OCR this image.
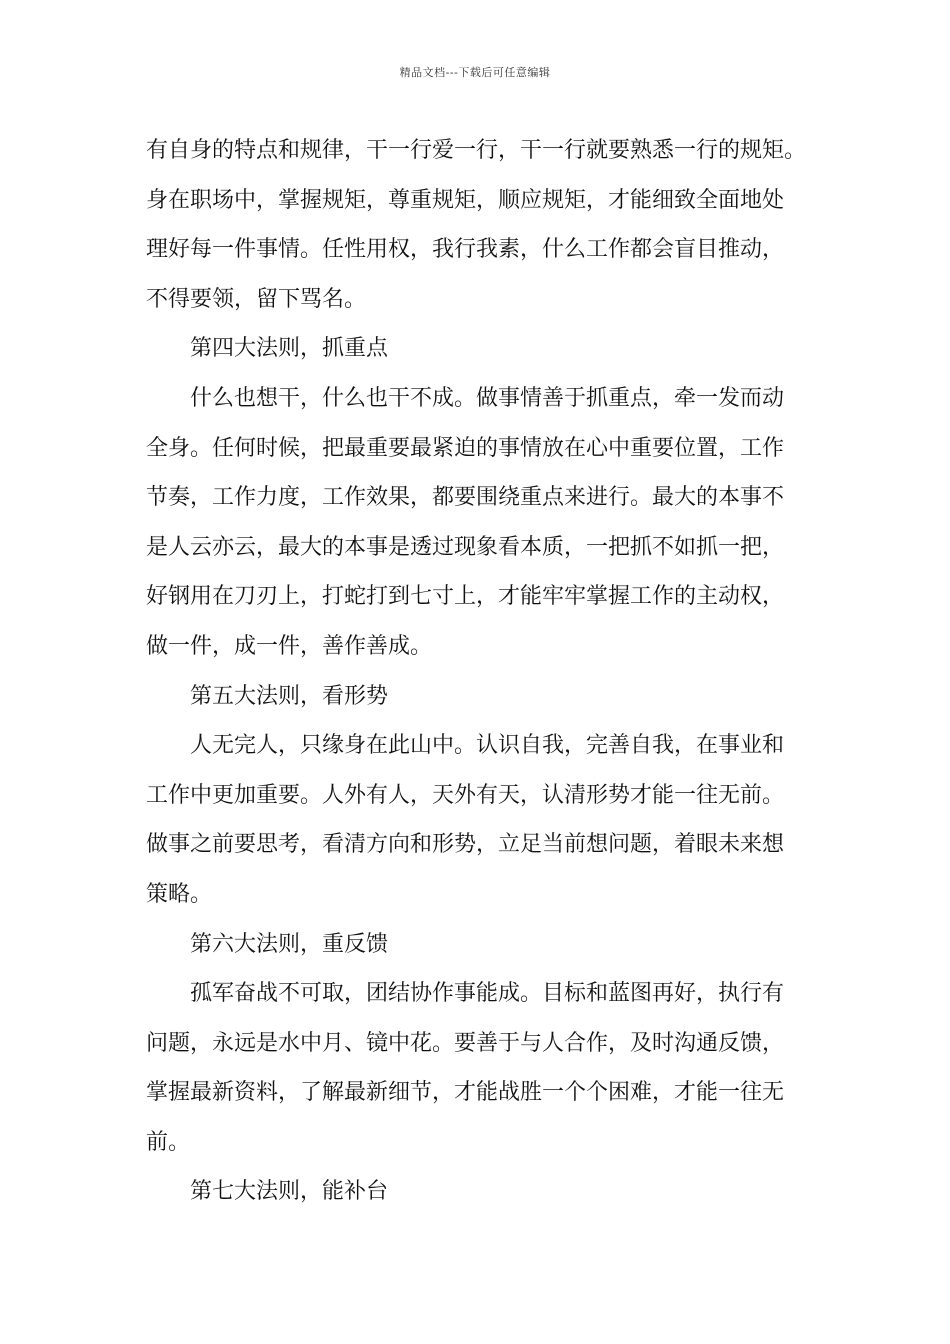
精品文档---下载后可任意编辑
有自身的特点和规律，干一行爱一行，干一行就要熟悉一行的规矩。
身在职场中，掌握规矩，尊重规矩，顺应规矩，才能细致全面地处
理好每一件事情。任性用权，我行我素，什么工作都会盲目推动，
不得要领，留下骂名。
第四大法则，抓重点
什么也想干，什么也干不成。做事情善于抓重点，牵一发而动
全身。任何时候，把最重要最紧迫的事情放在心中重要位置，工作
节奏，工作力度，工作效果，都要围绕重点来进行。最大的本事不
是人云亦云，最大的本事是透过现象看本质，一把抓不如抓一把，
好钢用在刀刃上，打蛇打到七寸上，才能牢牢掌握工作的主动权，
做一件，成一件，善作善成。
第五大法则，看形势
人无完人，只缘身在此山中。认识自我，完善自我，在事业和
工作中更加重要。人外有人，天外有天，认清形势才能一往无前。
做事之前要思考，看清方向和形势，立足当前想问题，着眼未来想
策略。
第六大法则，重反馈
孤军奋战不可取，团结协作事能成。目标和蓝图再好，执行有
问题，永远是水中月、镜中花。要善于与人合作，及时沟通反馈，
掌握最新资料，了解最新细节，才能战胜一个个困难，才能一往无
前。
第七大法则，能补台
